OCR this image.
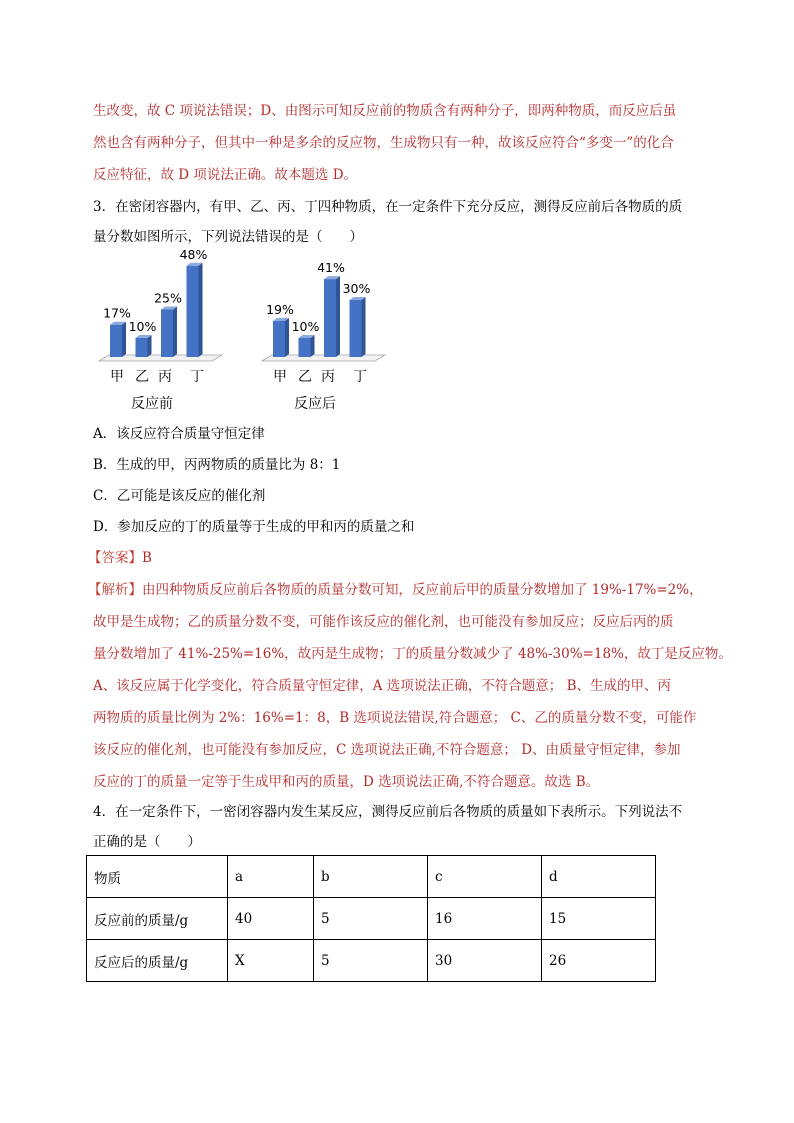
生改变，故 C 项说法错误；D、由图示可知反应前的物质含有两种分子，即两种物质，而反应后虽
然也含有两种分子，但其中一种是多余的反应物，生成物只有一种，故该反应符合“多变一”的化合
反应特征，故 D 项说法正确。故本题选 D。
3．在密闭容器内，有甲、乙、丙、丁四种物质，在一定条件下充分反应，测得反应前后各物质的质
量分数如图所示，下列说法错误的是（　　）
17%
甲
10%
乙
25%
丙
48%
丁
反应前
19%
甲
10%
乙
41%
丙
30%
丁
反应后
A．该反应符合质量守恒定律
B．生成的甲，丙两物质的质量比为 8：1
C．乙可能是该反应的催化剂
D．参加反应的丁的质量等于生成的甲和丙的质量之和
【答案】B
【解析】由四种物质反应前后各物质的质量分数可知，反应前后甲的质量分数增加了 19%-17%=2%，
故甲是生成物；乙的质量分数不变，可能作该反应的催化剂，也可能没有参加反应；反应后丙的质
量分数增加了 41%-25%=16%，故丙是生成物；丁的质量分数减少了 48%-30%=18%，故丁是反应物。
A、该反应属于化学变化，符合质量守恒定律，A 选项说法正确，不符合题意； B、生成的甲、丙
两物质的质量比例为 2%：16%=1：8，B 选项说法错误,符合题意； C、乙的质量分数不变，可能作
该反应的催化剂，也可能没有参加反应，C 选项说法正确,不符合题意； D、由质量守恒定律，参加
反应的丁的质量一定等于生成甲和丙的质量，D 选项说法正确,不符合题意。故选 B。
4．在一定条件下，一密闭容器内发生某反应，测得反应前后各物质的质量如下表所示。下列说法不
正确的是（　　）
物质	a	b	c	d
反应前的质量/g	40	5	16	15
反应后的质量/g	X	5	30	26
